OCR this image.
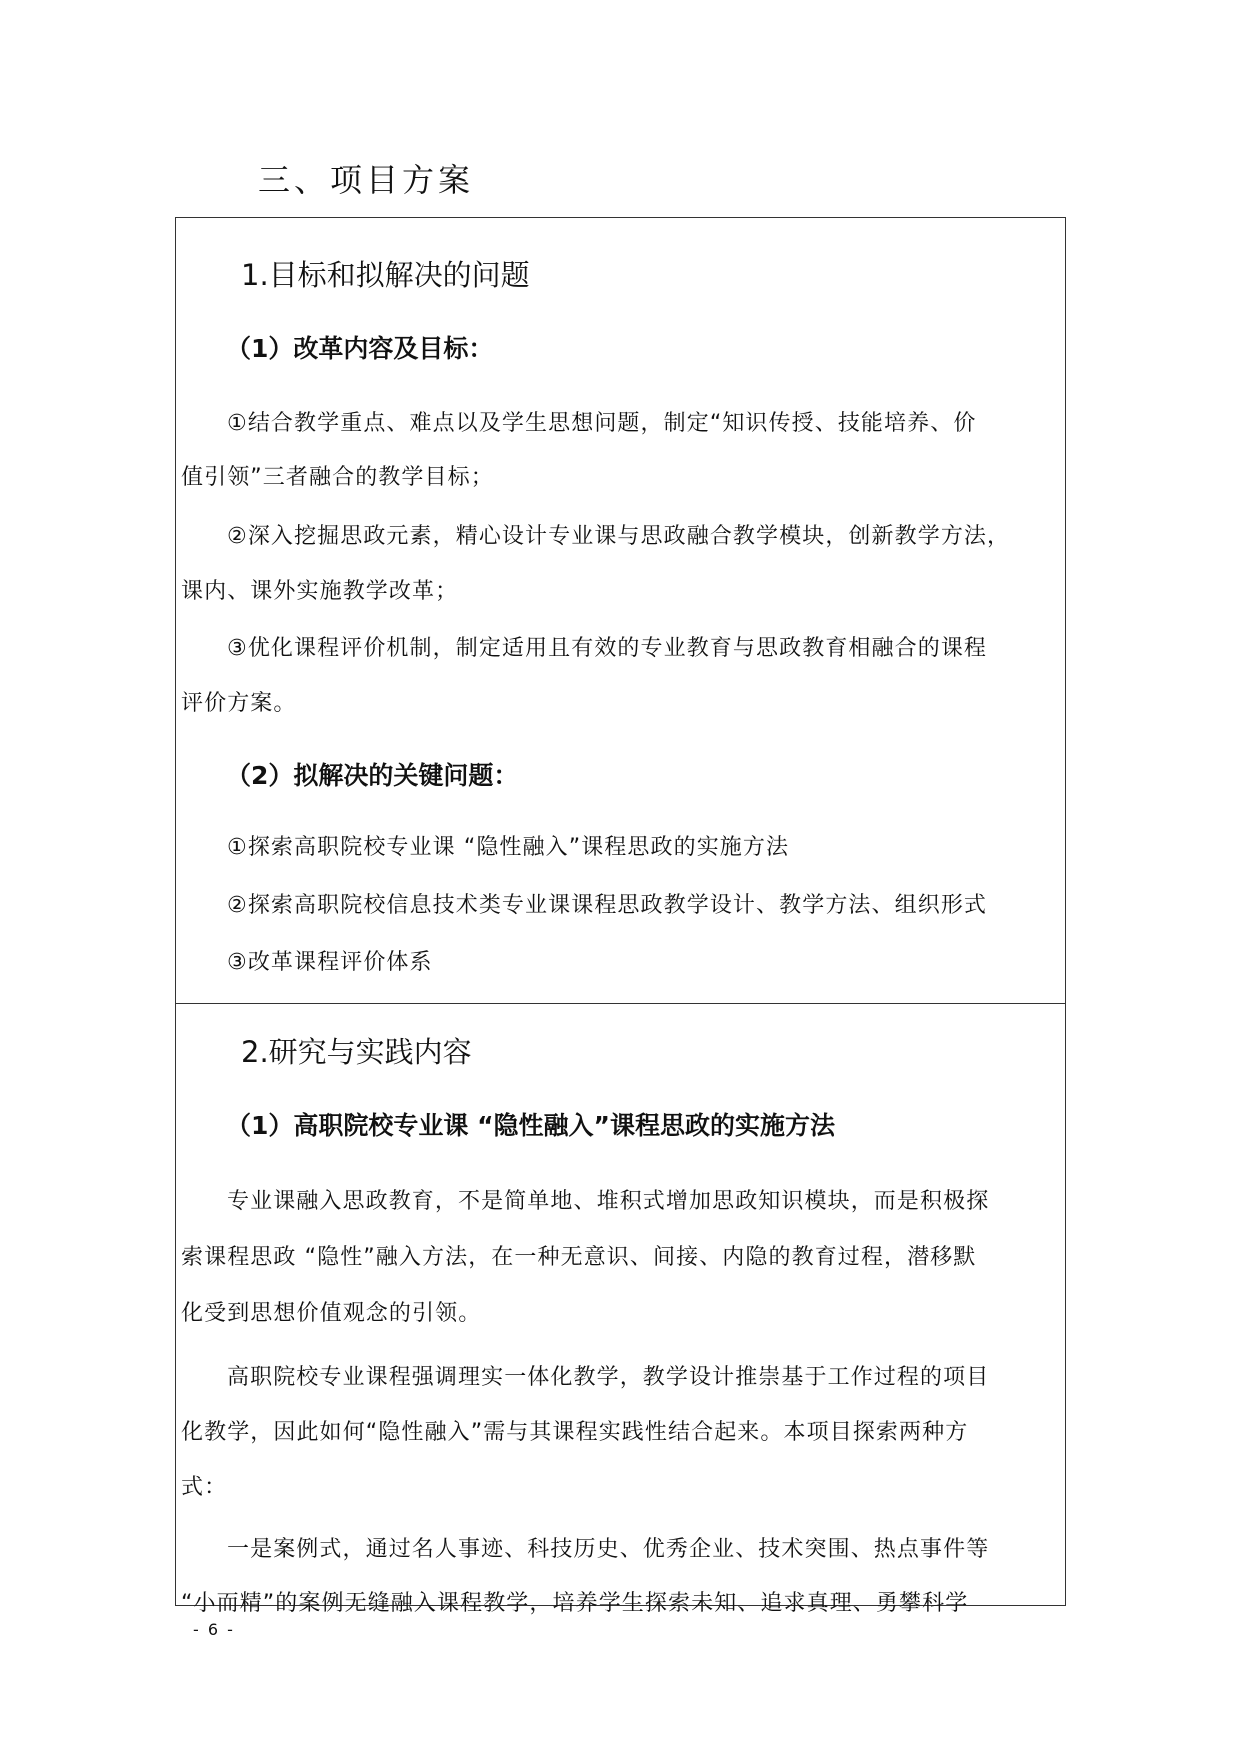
三、项目方案
1.目标和拟解决的问题
（1）改革内容及目标：
①结合教学重点、难点以及学生思想问题，制定“知识传授、技能培养、价
值引领”三者融合的教学目标；
②深入挖掘思政元素，精心设计专业课与思政融合教学模块，创新教学方法，
课内、课外实施教学改革；
③优化课程评价机制，制定适用且有效的专业教育与思政教育相融合的课程
评价方案。
（2）拟解决的关键问题：
①探索高职院校专业课 “隐性融入”课程思政的实施方法
②探索高职院校信息技术类专业课课程思政教学设计、教学方法、组织形式
③改革课程评价体系
2.研究与实践内容
（1）高职院校专业课 “隐性融入”课程思政的实施方法
专业课融入思政教育，不是简单地、堆积式增加思政知识模块，而是积极探
索课程思政 “隐性”融入方法，在一种无意识、间接、内隐的教育过程，潜移默
化受到思想价值观念的引领。
高职院校专业课程强调理实一体化教学，教学设计推崇基于工作过程的项目
化教学，因此如何“隐性融入”需与其课程实践性结合起来。本项目探索两种方
式：
一是案例式，通过名人事迹、科技历史、优秀企业、技术突围、热点事件等
“小而精”的案例无缝融入课程教学，培养学生探索未知、追求真理、勇攀科学
- 6 -
